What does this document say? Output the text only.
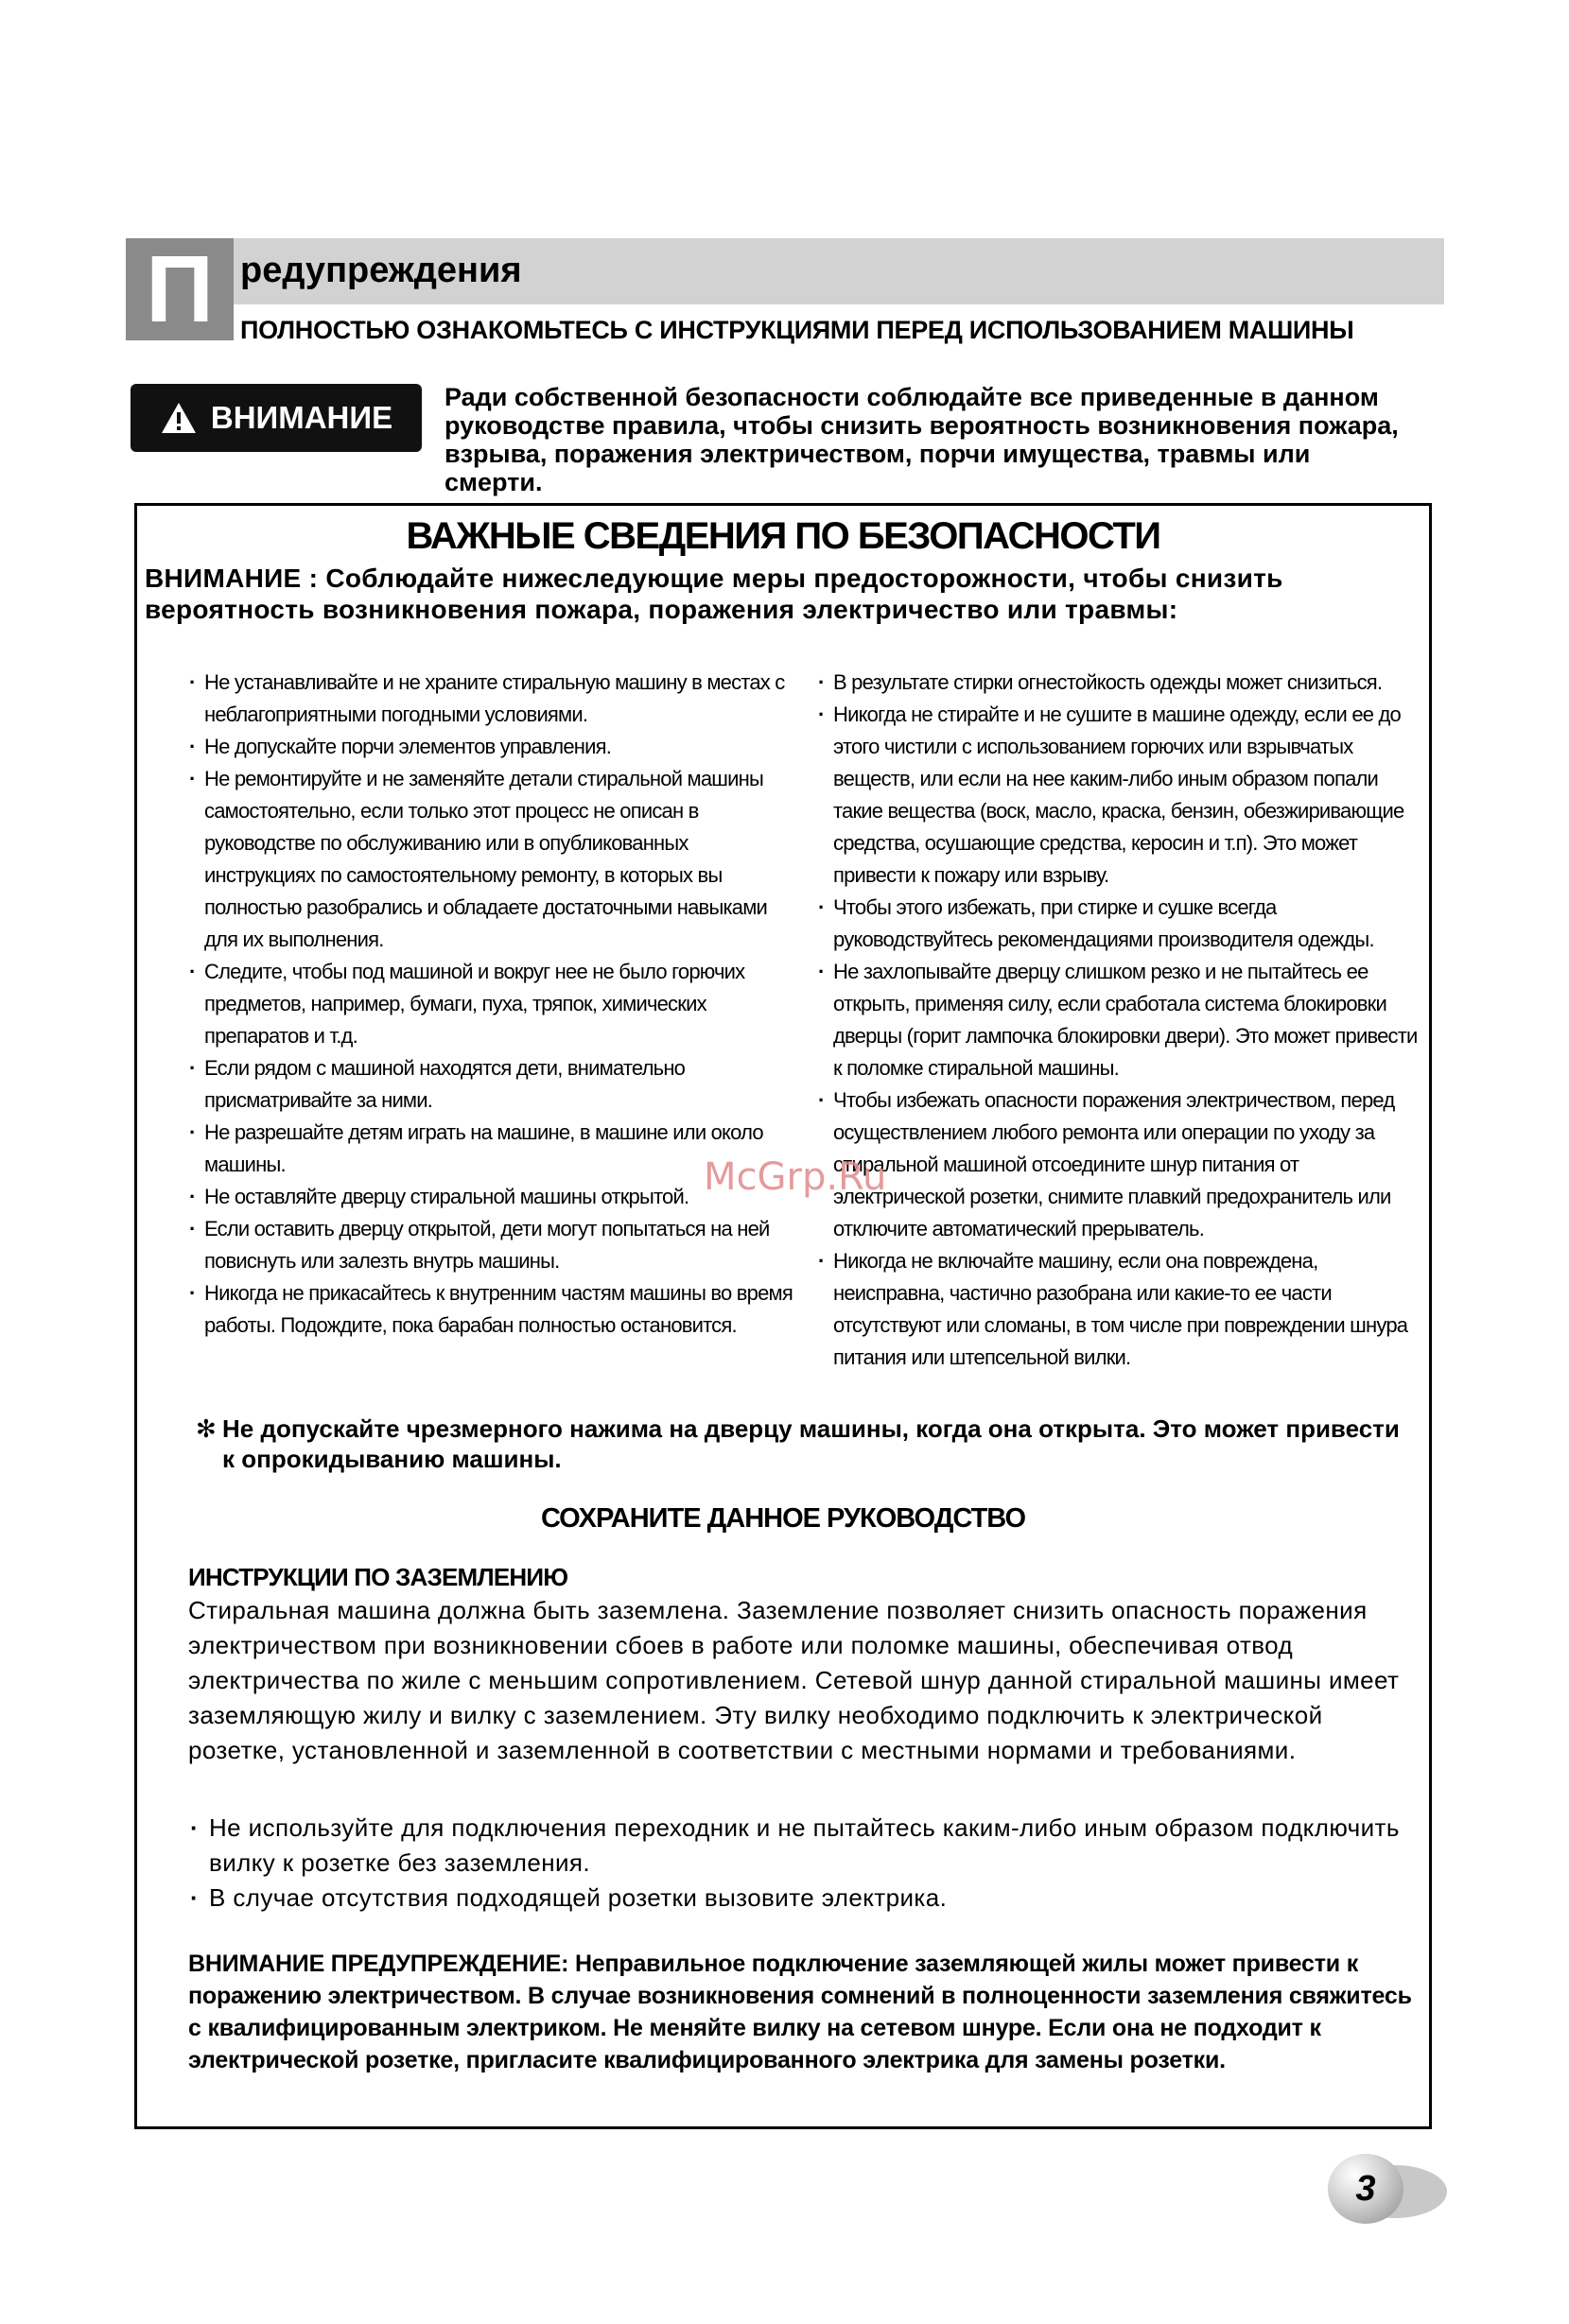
П редупреждения
ПОЛНОСТЬЮ ОЗНАКОМЬТЕСЬ С ИНСТРУКЦИЯМИ ПЕРЕД ИСПОЛЬЗОВАНИЕМ МАШИНЫ
ВНИМАНИЕ
Ради собственной безопасности соблюдайте все приведенные в данном руководстве правила, чтобы снизить вероятность возникновения пожара, взрыва, поражения электричеством, порчи имущества, травмы или смерти.
ВАЖНЫЕ СВЕДЕНИЯ ПО БЕЗОПАСНОСТИ
ВНИМАНИЕ : Соблюдайте нижеследующие меры предосторожности, чтобы снизить вероятность возникновения пожара, поражения электричество или травмы:
· Не устанавливайте и не храните стиральную машину в местах с неблагоприятными погодными условиями.
· Не допускайте порчи элементов управления.
· Не ремонтируйте и не заменяйте детали стиральной машины самостоятельно, если только этот процесс не описан в руководстве по обслуживанию или в опубликованных инструкциях по самостоятельному ремонту, в которых вы полностью разобрались и обладаете достаточными навыками для их выполнения.
· Следите, чтобы под машиной и вокруг нее не было горючих предметов, например, бумаги, пуха, тряпок, химических препаратов и т.д.
· Если рядом с машиной находятся дети, внимательно присматривайте за ними.
· Не разрешайте детям играть на машине, в машине или около машины.
· Не оставляйте дверцу стиральной машины открытой.
· Если оставить дверцу открытой, дети могут попытаться на ней повиснуть или залезть внутрь машины.
· Никогда не прикасайтесь к внутренним частям машины во время работы. Подождите, пока барабан полностью остановится.
· В результате стирки огнестойкость одежды может снизиться.
· Никогда не стирайте и не сушите в машине одежду, если ее до этого чистили с использованием горючих или взрывчатых веществ, или если на нее каким-либо иным образом попали такие вещества (воск, масло, краска, бензин, обезжиривающие средства, осушающие средства, керосин и т.п). Это может привести к пожару или взрыву.
· Чтобы этого избежать, при стирке и сушке всегда руководствуйтесь рекомендациями производителя одежды.
· Не захлопывайте дверцу слишком резко и не пытайтесь ее открыть, применяя силу, если сработала система блокировки дверцы (горит лампочка блокировки двери). Это может привести к поломке стиральной машины.
· Чтобы избежать опасности поражения электричеством, перед осуществлением любого ремонта или операции по уходу за стиральной машиной отсоедините шнур питания от электрической розетки, снимите плавкий предохранитель или отключите автоматический прерыватель.
· Никогда не включайте машину, если она повреждена, неисправна, частично разобрана или какие-то ее части отсутствуют или сломаны, в том числе при повреждении шнура питания или штепсельной вилки.
✻ Не допускайте чрезмерного нажима на дверцу машины, когда она открыта. Это может привести к опрокидыванию машины.
СОХРАНИТЕ ДАННОЕ РУКОВОДСТВО
ИНСТРУКЦИИ ПО ЗАЗЕМЛЕНИЮ
Стиральная машина должна быть заземлена. Заземление позволяет снизить опасность поражения электричеством при возникновении сбоев в работе или поломке машины, обеспечивая отвод электричества по жиле с меньшим сопротивлением. Сетевой шнур данной стиральной машины имеет заземляющую жилу и вилку с заземлением. Эту вилку необходимо подключить к электрической розетке, установленной и заземленной в соответствии с местными нормами и требованиями.
· Не используйте для подключения переходник и не пытайтесь каким-либо иным образом подключить вилку к розетке без заземления.
· В случае отсутствия подходящей розетки вызовите электрика.
ВНИМАНИЕ ПРЕДУПРЕЖДЕНИЕ: Неправильное подключение заземляющей жилы может привести к поражению электричеством. В случае возникновения сомнений в полноценности заземления свяжитесь с квалифицированным электриком. Не меняйте вилку на сетевом шнуре. Если она не подходит к электрической розетке, пригласите квалифицированного электрика для замены розетки.
McGrp.Ru
3
